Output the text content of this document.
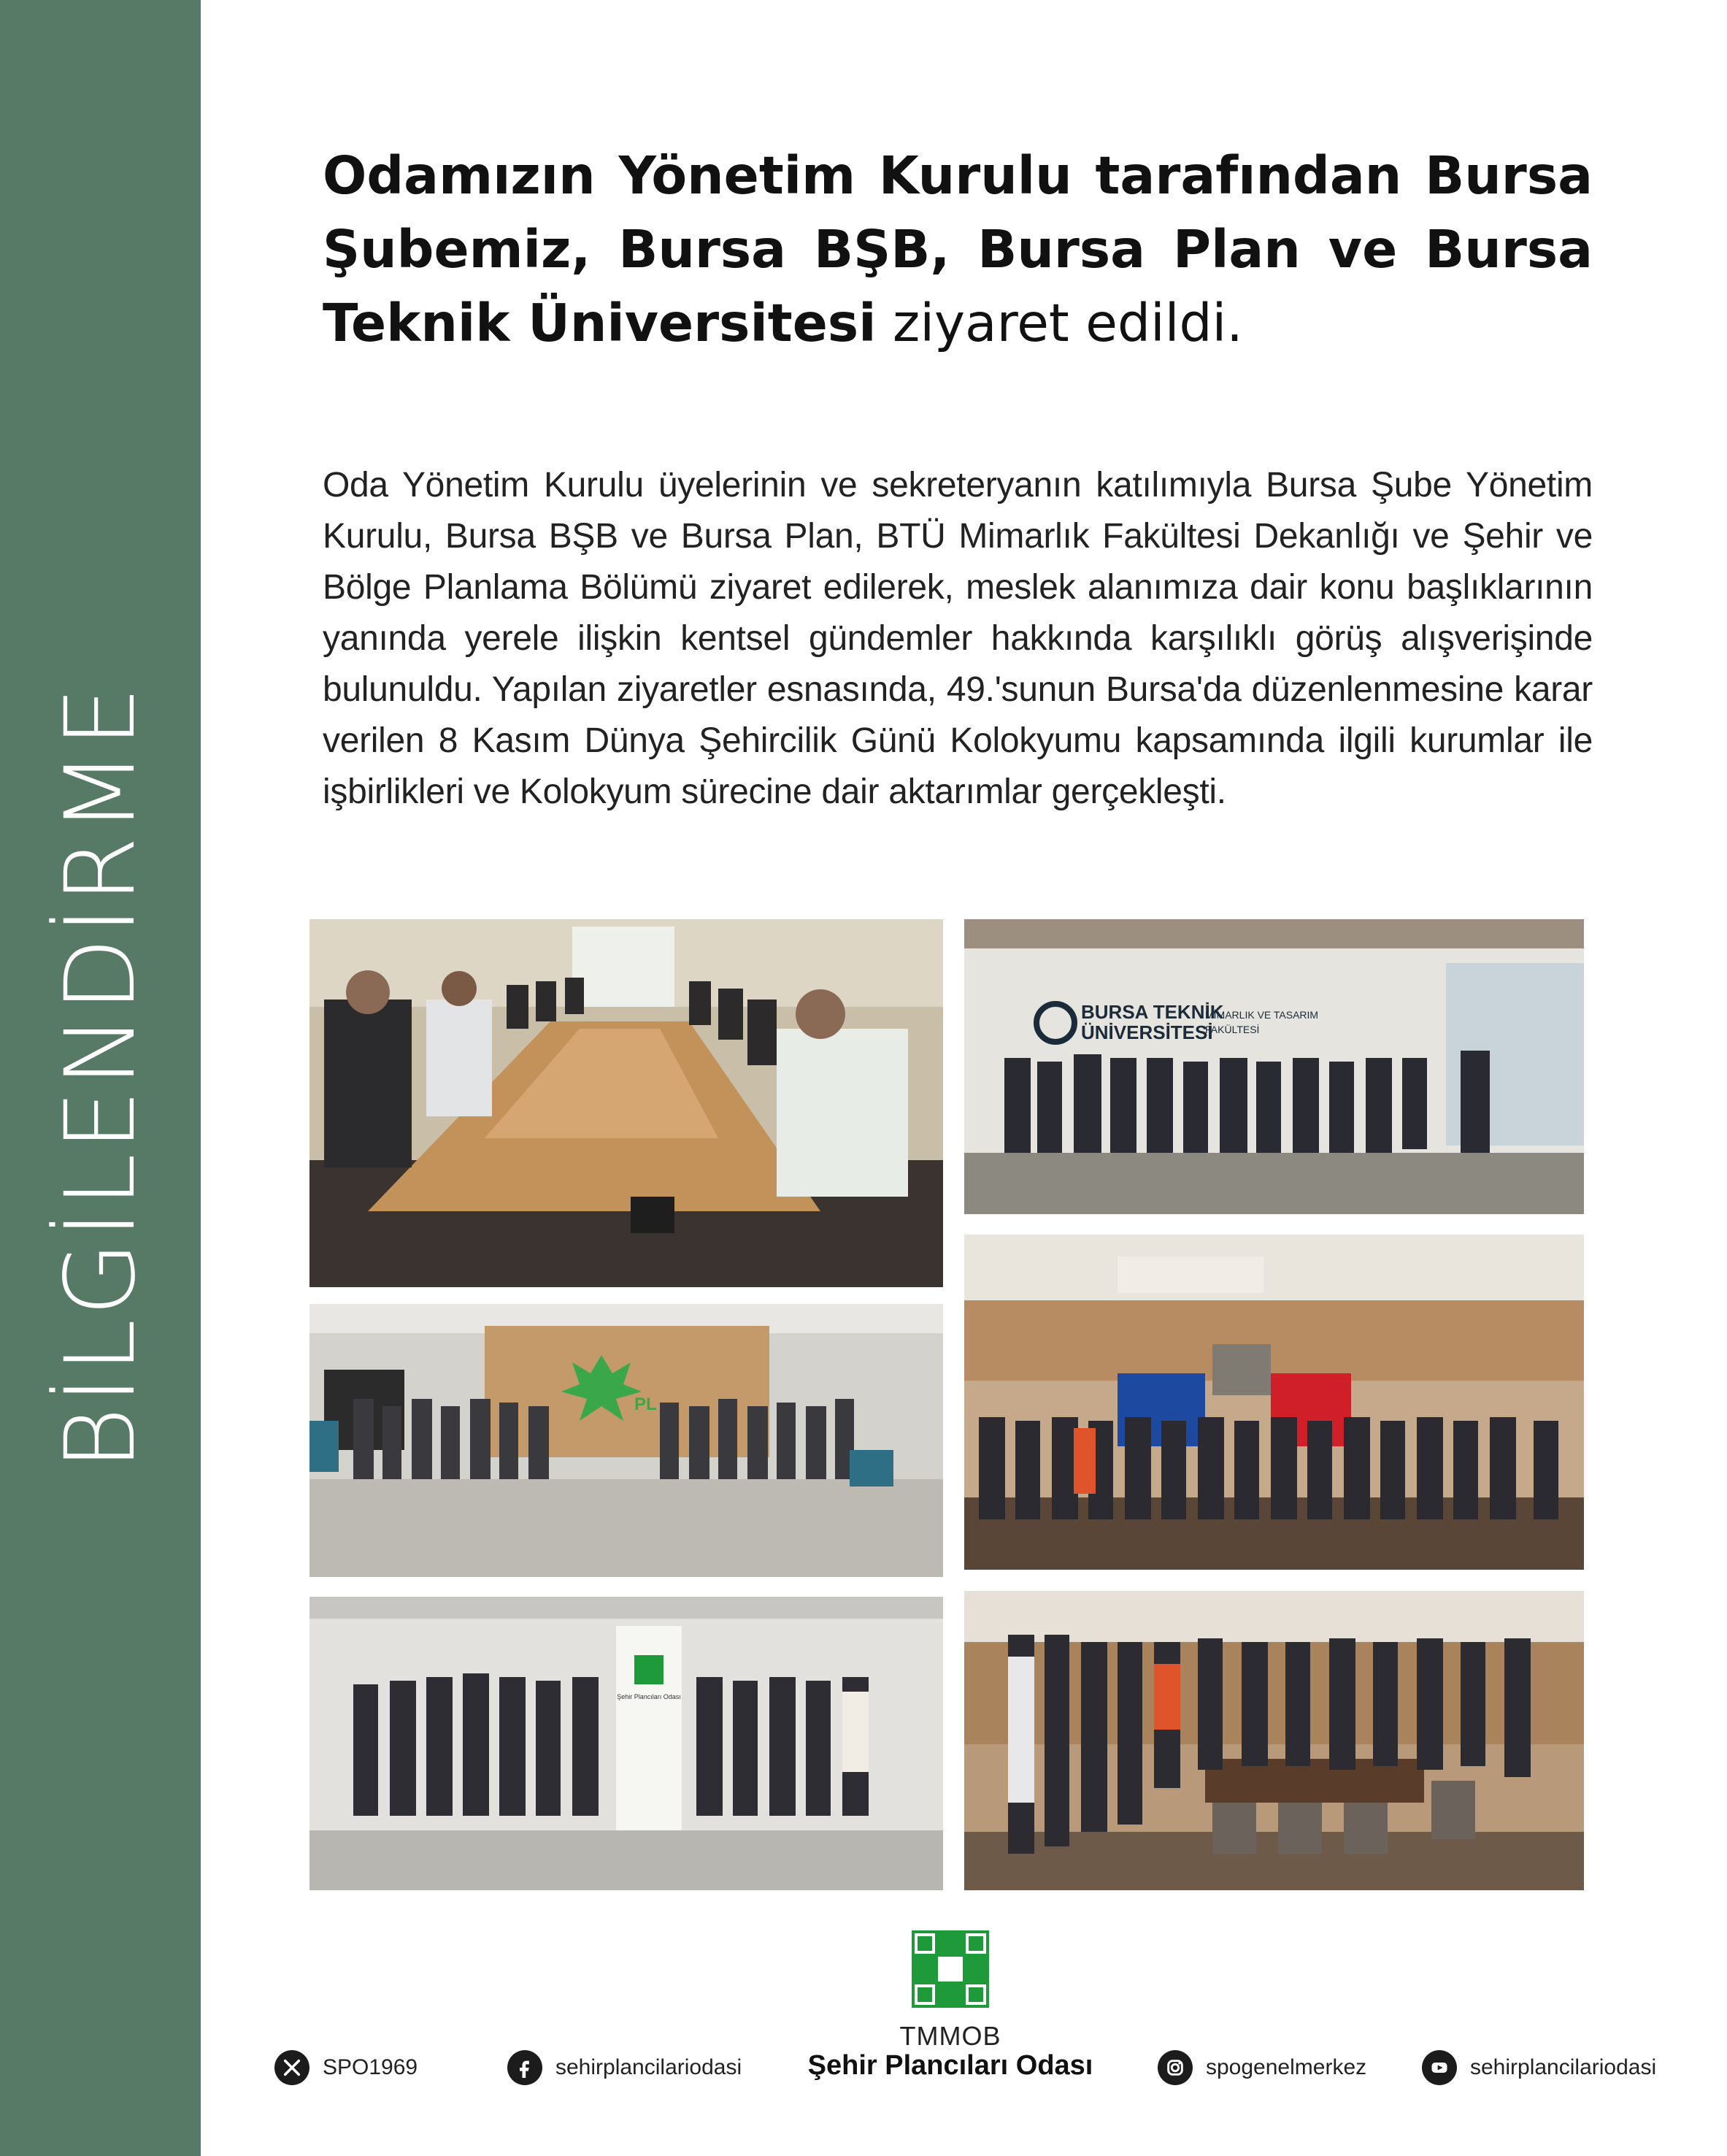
BİLGİLENDİRME
Odamızın Yönetim Kurulu tarafından Bursa Şubemiz, Bursa BŞB, Bursa Plan ve Bursa Teknik Üniversitesi ziyaret edildi.
Oda Yönetim Kurulu üyelerinin ve sekreteryanın katılımıyla Bursa Şube Yönetim Kurulu, Bursa BŞB ve Bursa Plan, BTÜ Mimarlık Fakültesi Dekanlığı ve Şehir ve Bölge Planlama Bölümü ziyaret edilerek, meslek alanımıza dair konu başlıklarının yanında yerele ilişkin kentsel gündemler hakkında karşılıklı görüş alışverişinde bulunuldu. Yapılan ziyaretler esnasında, 49.'sunun Bursa'da düzenlenmesine karar verilen 8 Kasım Dünya Şehircilik Günü Kolokyumu kapsamında ilgili kurumlar ile işbirlikleri ve Kolokyum sürecine dair aktarımlar gerçekleşti.
BURSA TEKNİK
ÜNİVERSİTESİ
MİMARLIK VE TASARIM
FAKÜLTESİ
PL
Şehir Plancıları Odası
TMMOB
Şehir Plancıları Odası
SPO1969	sehirplancilariodasi	spogenelmerkez	sehirplancilariodasi
